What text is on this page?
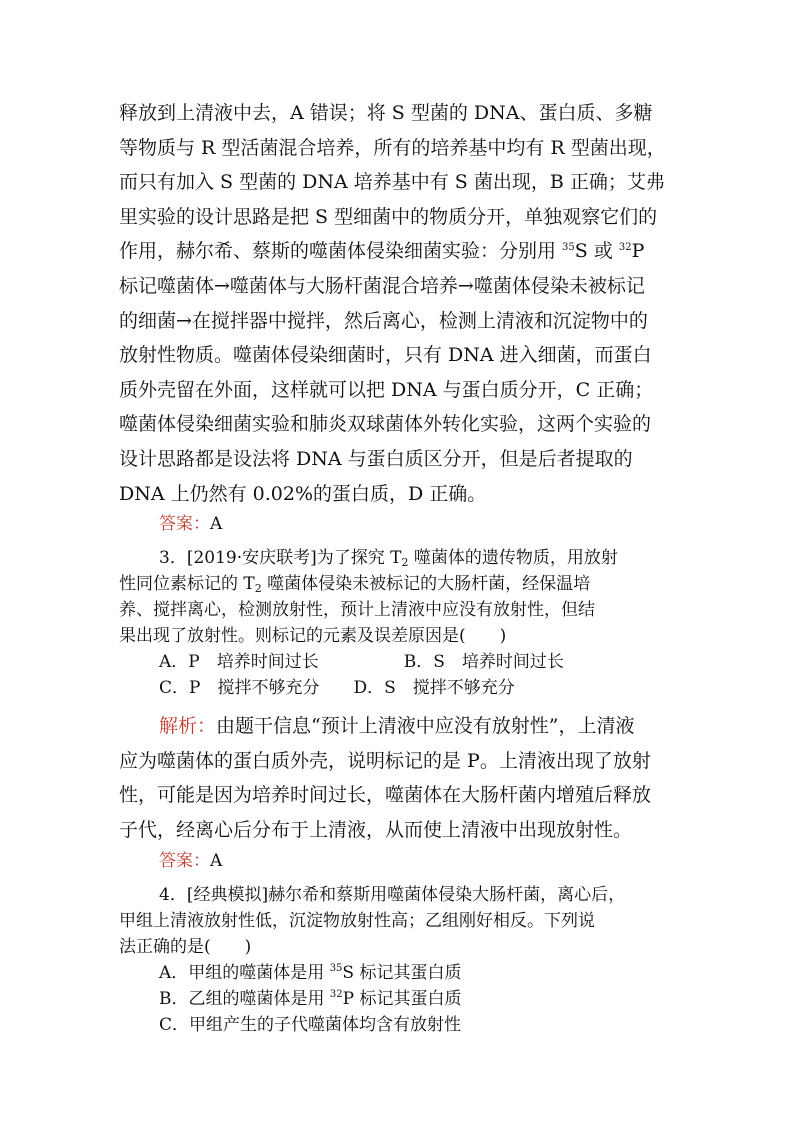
释放到上清液中去，A 错误；将 S 型菌的 DNA、蛋白质、多糖
等物质与 R 型活菌混合培养，所有的培养基中均有 R 型菌出现，
而只有加入 S 型菌的 DNA 培养基中有 S 菌出现，B 正确；艾弗
里实验的设计思路是把 S 型细菌中的物质分开，单独观察它们的
作用，赫尔希、蔡斯的噬菌体侵染细菌实验：分别用 $^{35}$S 或 $^{32}$P
标记噬菌体→噬菌体与大肠杆菌混合培养→噬菌体侵染未被标记
的细菌→在搅拌器中搅拌，然后离心，检测上清液和沉淀物中的
放射性物质。噬菌体侵染细菌时，只有 DNA 进入细菌，而蛋白
质外壳留在外面，这样就可以把 DNA 与蛋白质分开，C 正确；
噬菌体侵染细菌实验和肺炎双球菌体外转化实验，这两个实验的
设计思路都是设法将 DNA 与蛋白质区分开，但是后者提取的
DNA 上仍然有 0.02%的蛋白质，D 正确。

答案：A

3．[2019·安庆联考]为了探究 $T_2$ 噬菌体的遗传物质，用放射
性同位素标记的 $T_2$ 噬菌体侵染未被标记的大肠杆菌，经保温培
养、搅拌离心，检测放射性，预计上清液中应没有放射性，但结
果出现了放射性。则标记的元素及误差原因是(　　)

A．P　培养时间过长　　　　　B．S　培养时间过长
C．P　搅拌不够充分　　D．S　搅拌不够充分

解析：由题干信息“预计上清液中应没有放射性”，上清液
应为噬菌体的蛋白质外壳，说明标记的是 P。上清液出现了放射
性，可能是因为培养时间过长，噬菌体在大肠杆菌内增殖后释放
子代，经离心后分布于上清液，从而使上清液中出现放射性。

答案：A

4．[经典模拟]赫尔希和蔡斯用噬菌体侵染大肠杆菌，离心后，
甲组上清液放射性低，沉淀物放射性高；乙组刚好相反。下列说
法正确的是(　　)

A．甲组的噬菌体是用 $^{35}$S 标记其蛋白质
B．乙组的噬菌体是用 $^{32}$P 标记其蛋白质
C．甲组产生的子代噬菌体均含有放射性
